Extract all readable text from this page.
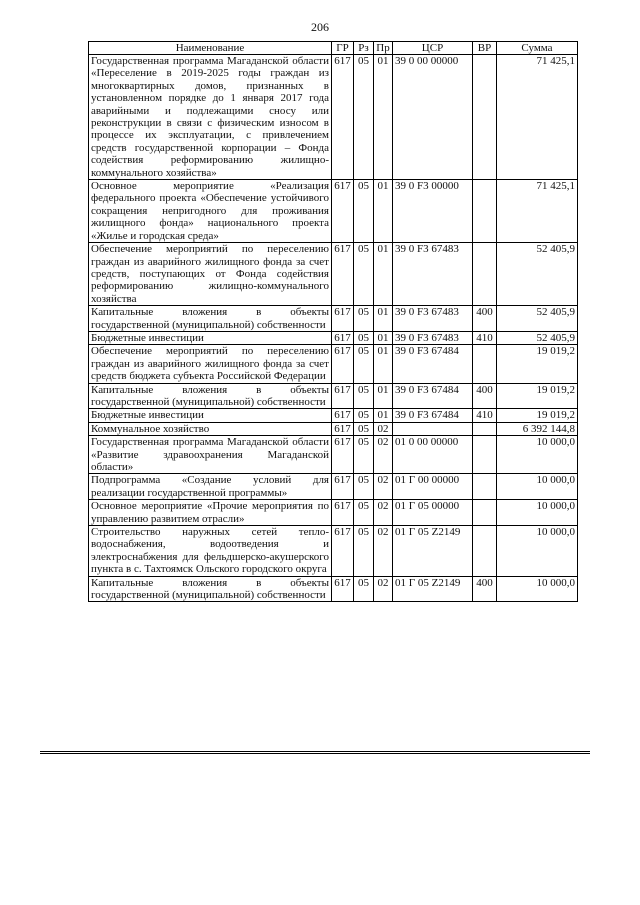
206
Наименование	ГР	Рз	Пр	ЦСР	ВР	Сумма
Государственная программа Магаданской области «Переселение в 2019-2025 годы граждан из многоквартирных домов, признанных в установленном порядке до 1 января 2017 года аварийными и подлежащими сносу или реконструкции в связи с физическим износом в процессе их эксплуатации, с привлечением средств государственной корпорации – Фонда содействия реформированию жилищно-коммунального хозяйства»	617	05	01	39 0 00 00000		71 425,1
Основное мероприятие «Реализация федерального проекта «Обеспечение устойчивого сокращения непригодного для проживания жилищного фонда» национального проекта «Жилье и городская среда»	617	05	01	39 0 F3 00000		71 425,1
Обеспечение мероприятий по переселению граждан из аварийного жилищного фонда за счет средств, поступающих от Фонда содействия реформированию жилищно-коммунального хозяйства	617	05	01	39 0 F3 67483		52 405,9
Капитальные вложения в объекты государственной (муниципальной) собственности	617	05	01	39 0 F3 67483	400	52 405,9
Бюджетные инвестиции	617	05	01	39 0 F3 67483	410	52 405,9
Обеспечение мероприятий по переселению граждан из аварийного жилищного фонда за счет средств бюджета субъекта Российской Федерации	617	05	01	39 0 F3 67484		19 019,2
Капитальные вложения в объекты государственной (муниципальной) собственности	617	05	01	39 0 F3 67484	400	19 019,2
Бюджетные инвестиции	617	05	01	39 0 F3 67484	410	19 019,2
Коммунальное хозяйство	617	05	02			6 392 144,8
Государственная программа Магаданской области «Развитие здравоохранения Магаданской области»	617	05	02	01 0 00 00000		10 000,0
Подпрограмма «Создание условий для реализации государственной программы»	617	05	02	01 Г 00 00000		10 000,0
Основное мероприятие «Прочие мероприятия по управлению развитием отрасли»	617	05	02	01 Г 05 00000		10 000,0
Строительство наружных сетей тепло-водоснабжения, водоотведения и электроснабжения для фельдшерско-акушерского пункта в с. Тахтоямск Ольского городского округа	617	05	02	01 Г 05 Z2149		10 000,0
Капитальные вложения в объекты государственной (муниципальной) собственности	617	05	02	01 Г 05 Z2149	400	10 000,0
